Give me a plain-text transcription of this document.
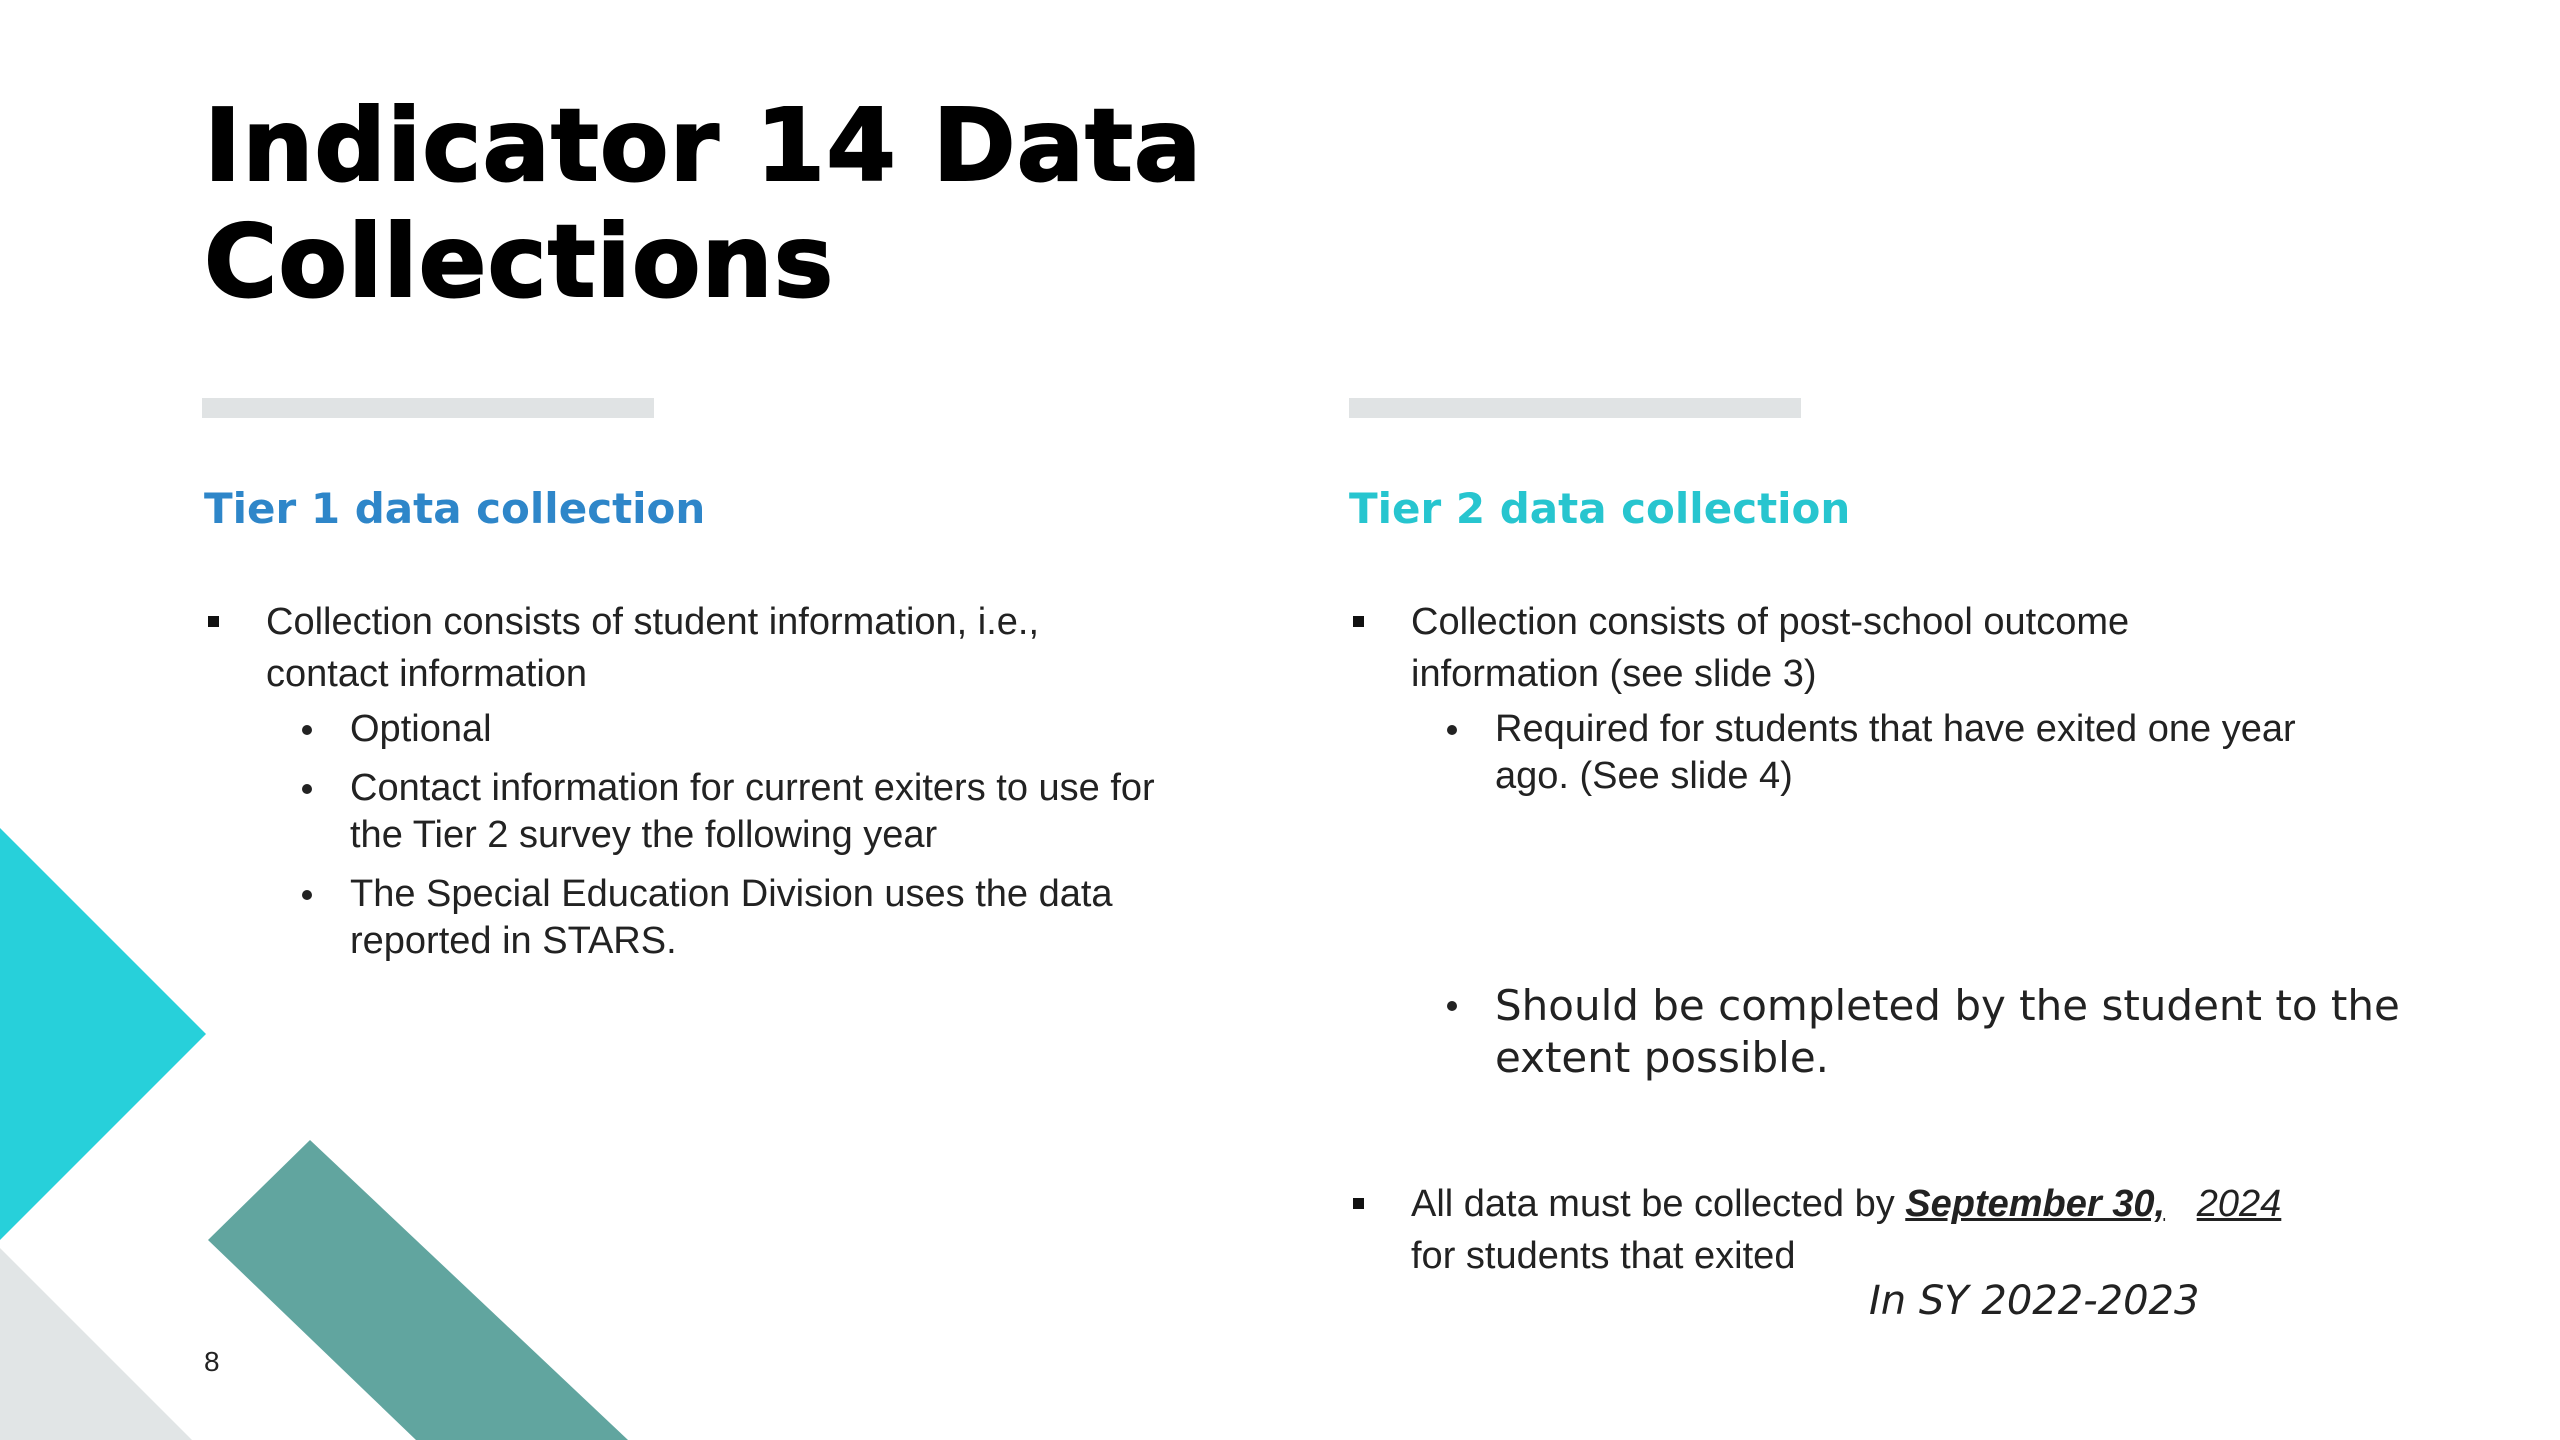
Indicator 14 Data
Collections
Tier 1 data collection	Tier 2 data collection
Collection consists of student information, i.e.,
contact information
Optional
Contact information for current exiters to use for
the Tier 2 survey the following year
The Special Education Division uses the data
reported in STARS.
Collection consists of post-school outcome
information (see slide 3)
Required for students that have exited one year
ago. (See slide 4)
Should be completed by the student to the
extent possible.
All data must be collected by September 30, 2024
for students that exited
In SY 2022-2023
8
